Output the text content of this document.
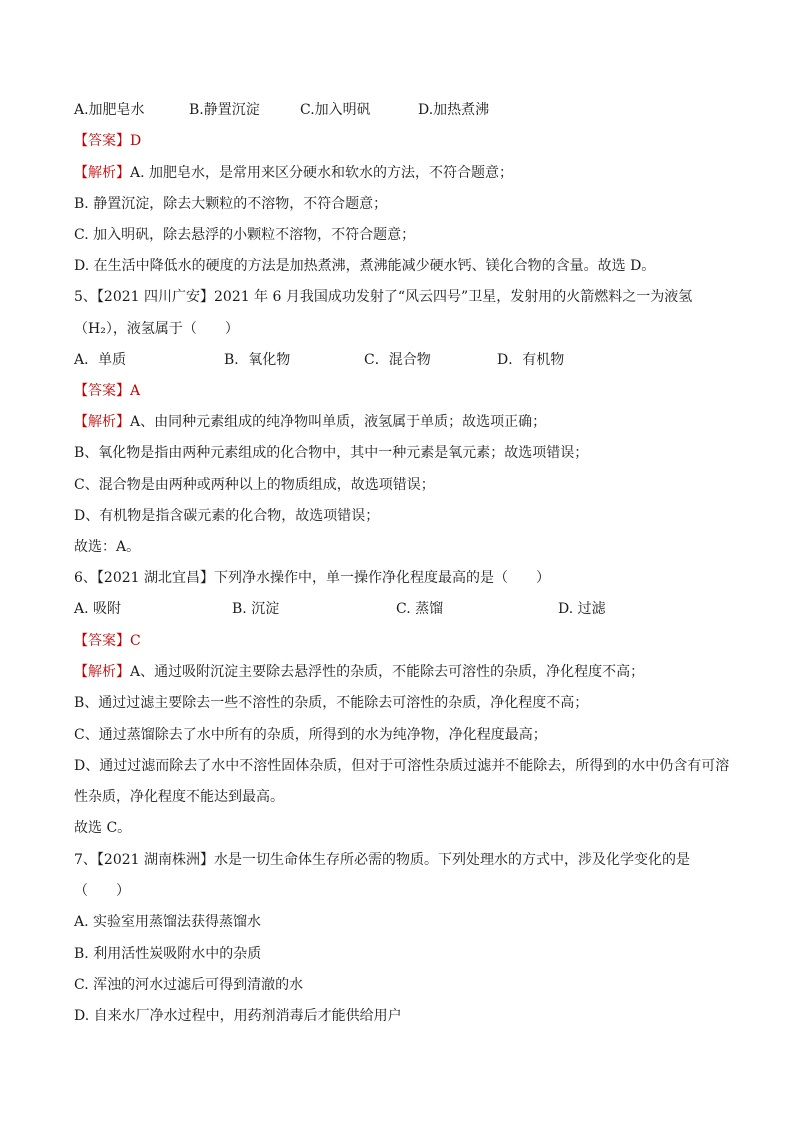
A.加肥皂水	B.静置沉淀	C.加入明矾	D.加热煮沸
【答案】D
【解析】A. 加肥皂水，是常用来区分硬水和软水的方法，不符合题意；
B. 静置沉淀，除去大颗粒的不溶物，不符合题意；
C. 加入明矾，除去悬浮的小颗粒不溶物，不符合题意；
D. 在生活中降低水的硬度的方法是加热煮沸，煮沸能减少硬水钙、镁化合物的含量。故选 D。
5、【2021 四川广安】2021 年 6 月我国成功发射了“风云四号”卫星，发射用的火箭燃料之一为液氢
（H₂），液氢属于（　　）
A．单质	B．氧化物	C．混合物	D．有机物
【答案】A
【解析】A、由同种元素组成的纯净物叫单质，液氢属于单质；故选项正确；
B、氧化物是指由两种元素组成的化合物中，其中一种元素是氧元素；故选项错误；
C、混合物是由两种或两种以上的物质组成，故选项错误；
D、有机物是指含碳元素的化合物，故选项错误；
故选：A。
6、【2021 湖北宜昌】下列净水操作中，单一操作净化程度最高的是（　　）
A. 吸附	B. 沉淀	C. 蒸馏	D. 过滤
【答案】C
【解析】A、通过吸附沉淀主要除去悬浮性的杂质，不能除去可溶性的杂质，净化程度不高；
B、通过过滤主要除去一些不溶性的杂质，不能除去可溶性的杂质，净化程度不高；
C、通过蒸馏除去了水中所有的杂质，所得到的水为纯净物，净化程度最高；
D、通过过滤而除去了水中不溶性固体杂质，但对于可溶性杂质过滤并不能除去，所得到的水中仍含有可溶
性杂质，净化程度不能达到最高。
故选 C。
7、【2021 湖南株洲】水是一切生命体生存所必需的物质。下列处理水的方式中，涉及化学变化的是
（　　）
A. 实验室用蒸馏法获得蒸馏水
B. 利用活性炭吸附水中的杂质
C. 浑浊的河水过滤后可得到清澈的水
D. 自来水厂净水过程中，用药剂消毒后才能供给用户
